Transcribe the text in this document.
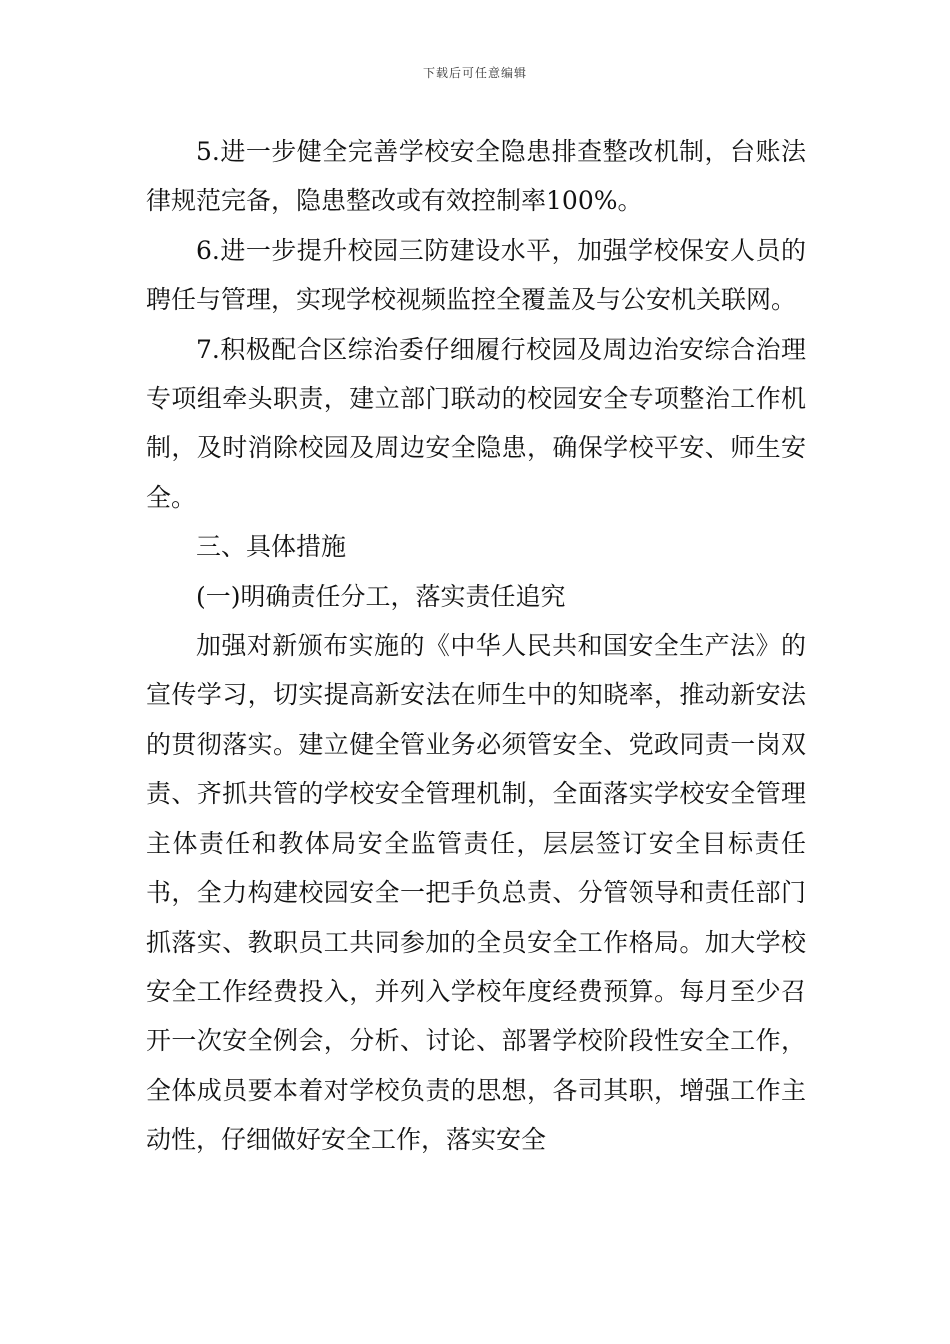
下载后可任意编辑

5.进一步健全完善学校安全隐患排查整改机制，台账法律规范完备，隐患整改或有效控制率100%。

6.进一步提升校园三防建设水平，加强学校保安人员的聘任与管理，实现学校视频监控全覆盖及与公安机关联网。

7.积极配合区综治委仔细履行校园及周边治安综合治理专项组牵头职责，建立部门联动的校园安全专项整治工作机制，及时消除校园及周边安全隐患，确保学校平安、师生安全。

三、具体措施

(一)明确责任分工，落实责任追究

加强对新颁布实施的《中华人民共和国安全生产法》的宣传学习，切实提高新安法在师生中的知晓率，推动新安法的贯彻落实。建立健全管业务必须管安全、党政同责一岗双责、齐抓共管的学校安全管理机制，全面落实学校安全管理主体责任和教体局安全监管责任，层层签订安全目标责任书，全力构建校园安全一把手负总责、分管领导和责任部门抓落实、教职员工共同参加的全员安全工作格局。加大学校安全工作经费投入，并列入学校年度经费预算。每月至少召开一次安全例会，分析、讨论、部署学校阶段性安全工作，全体成员要本着对学校负责的思想，各司其职，增强工作主动性，仔细做好安全工作，落实安全
